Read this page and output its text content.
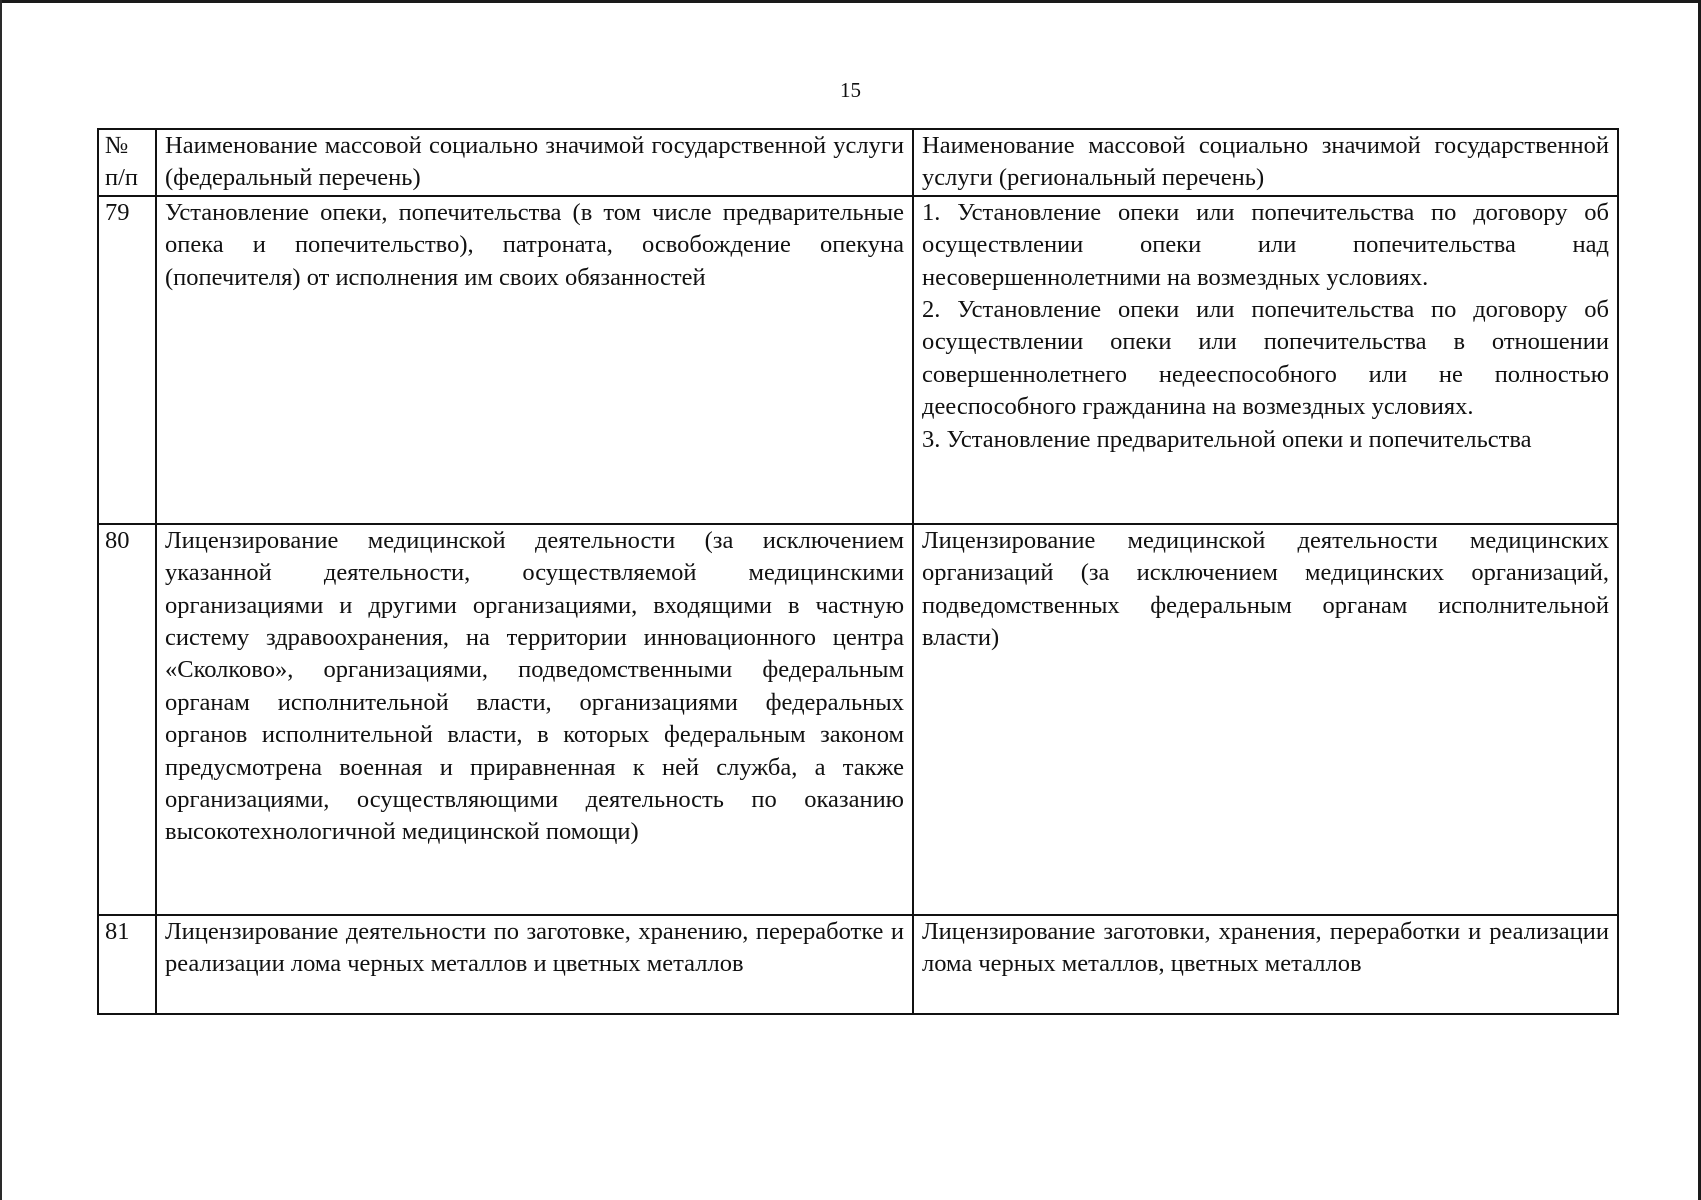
15
№ п/п	Наименование массовой социально значимой государственной услуги (федеральный перечень)	Наименование массовой социально значимой государственной услуги (региональный перечень)

79	Установление опеки, попечительства (в том числе предварительные опека и попечительство), патроната, освобождение опекуна (попечителя) от исполнения им своих обязанностей	1. Установление опеки или попечительства по договору об осуществлении опеки или попечительства над несовершеннолетними на возмездных условиях.
2. Установление опеки или попечительства по договору об осуществлении опеки или попечительства в отношении совершеннолетнего недееспособного или не полностью дееспособного гражданина на возмездных условиях.
3. Установление предварительной опеки и попечительства

80	Лицензирование медицинской деятельности (за исключением указанной деятельности, осуществляемой медицинскими организациями и другими организациями, входящими в частную систему здравоохранения, на территории инновационного центра «Сколково», организациями, подведомственными федеральным органам исполнительной власти, организациями федеральных органов исполнительной власти, в которых федеральным законом предусмотрена военная и приравненная к ней служба, а также организациями, осуществляющими деятельность по оказанию высокотехнологичной медицинской помощи)	Лицензирование медицинской деятельности медицинских организаций (за исключением медицинских организаций, подведомственных федеральным органам исполнительной власти)

81	Лицензирование деятельности по заготовке, хранению, переработке и реализации лома черных металлов и цветных металлов	Лицензирование заготовки, хранения, переработки и реализации лома черных металлов, цветных металлов
